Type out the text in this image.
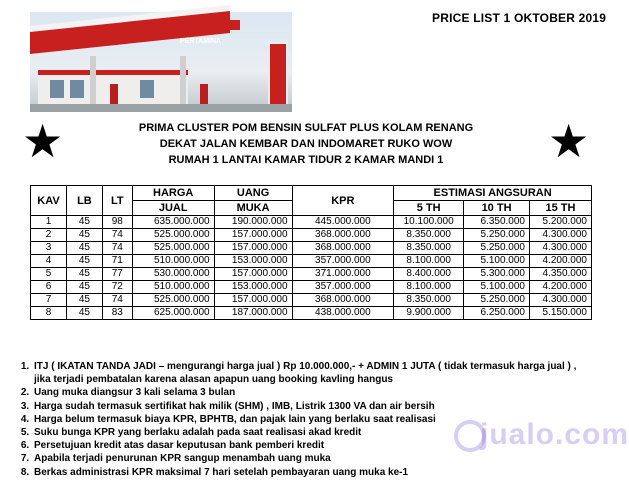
PERTAMINA
PRICE LIST 1 OKTOBER 2019
★	★
PRIMA CLUSTER POM BENSIN SULFAT PLUS KOLAM RENANG
DEKAT JALAN KEMBAR DAN INDOMARET RUKO WOW
RUMAH 1 LANTAI KAMAR TIDUR 2 KAMAR MANDI 1
KAV	LB	LT	HARGA	UANG	KPR	ESTIMASI ANGSURAN		
			JUAL	MUKA		5 TH	10 TH	15 TH
1	45	98	635.000.000	190.000.000	445.000.000	10.100.000	6.350.000	5.200.000
2	45	74	525.000.000	157.000.000	368.000.000	8.350.000	5.250.000	4.300.000
3	45	74	525.000.000	157.000.000	368.000.000	8.350.000	5.250.000	4.300.000
4	45	71	510.000.000	153.000.000	357.000.000	8.100.000	5.100.000	4.200.000
5	45	77	530.000.000	157.000.000	371.000.000	8.400.000	5.300.000	4.350.000
6	45	72	510.000.000	153.000.000	357.000.000	8.100.000	5.100.000	4.200.000
7	45	74	525.000.000	157.000.000	368.000.000	8.350.000	5.250.000	4.300.000
8	45	83	625.000.000	187.000.000	438.000.000	9.900.000	6.250.000	5.150.000
1. ITJ ( IKATAN TANDA JADI – mengurangi harga jual ) Rp 10.000.000,- + ADMIN 1 JUTA ( tidak termasuk harga jual ) , jika terjadi pembatalan karena alasan apapun uang booking kavling hangus
2. Uang muka diangsur 3 kali selama 3 bulan
3. Harga sudah termasuk sertifikat hak milik (SHM) , IMB, Listrik 1300 VA dan air bersih
4. Harga belum termasuk biaya KPR, BPHTB, dan pajak lain yang berlaku saat realisasi
5. Suku bunga KPR yang berlaku adalah pada saat realisasi akad kredit
6. Persetujuan kredit atas dasar keputusan bank pemberi kredit
7. Apabila terjadi penurunan KPR sangup menambah uang muka
8. Berkas administrasi KPR maksimal 7 hari setelah pembayaran uang muka ke-1
jualo.com
